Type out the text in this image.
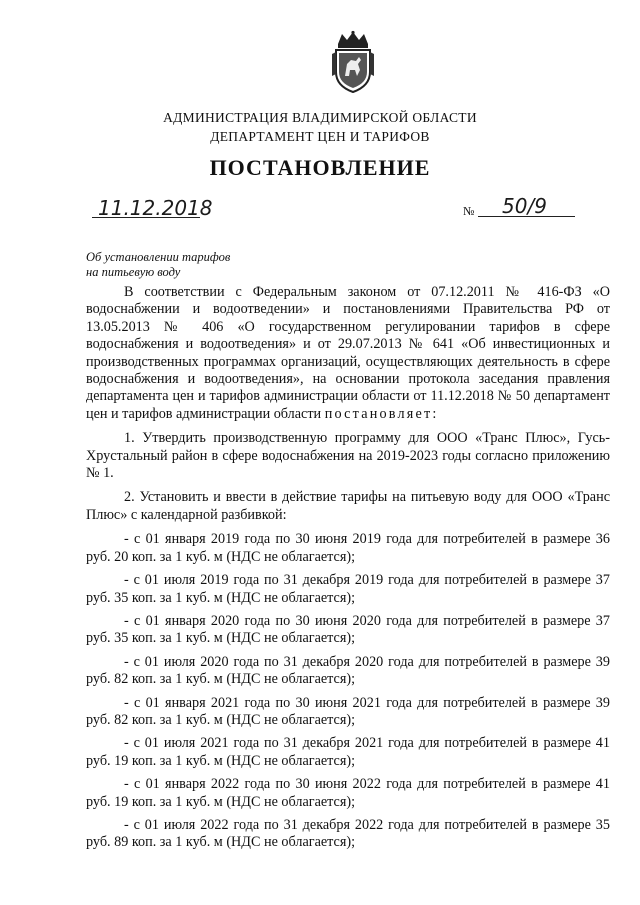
АДМИНИСТРАЦИЯ ВЛАДИМИРСКОЙ ОБЛАСТИ
ДЕПАРТАМЕНТ ЦЕН И ТАРИФОВ
ПОСТАНОВЛЕНИЕ
11.12.2018	№ 50/9
Об установлении тарифов
на питьевую воду

В соответствии с Федеральным законом от 07.12.2011 № 416-ФЗ «О водоснабжении и водоотведении» и постановлениями Правительства РФ от 13.05.2013 № 406 «О государственном регулировании тарифов в сфере водоснабжения и водоотведения» и от 29.07.2013 № 641 «Об инвестиционных и производственных программах организаций, осуществляющих деятельность в сфере водоснабжения и водоотведения», на основании протокола заседания правления департамента цен и тарифов администрации области от 11.12.2018 № 50 департамент цен и тарифов администрации области постановляет:

1. Утвердить производственную программу для ООО «Транс Плюс», Гусь-Хрустальный район в сфере водоснабжения на 2019-2023 годы согласно приложению № 1.

2. Установить и ввести в действие тарифы на питьевую воду для ООО «Транс Плюс» с календарной разбивкой:

- с 01 января 2019 года по 30 июня 2019 года для потребителей в размере 36 руб. 20 коп. за 1 куб. м (НДС не облагается);

- с 01 июля 2019 года по 31 декабря 2019 года для потребителей в размере 37 руб. 35 коп. за 1 куб. м (НДС не облагается);

- с 01 января 2020 года по 30 июня 2020 года для потребителей в размере 37 руб. 35 коп. за 1 куб. м (НДС не облагается);

- с 01 июля 2020 года по 31 декабря 2020 года для потребителей в размере 39 руб. 82 коп. за 1 куб. м (НДС не облагается);

- с 01 января 2021 года по 30 июня 2021 года для потребителей в размере 39 руб. 82 коп. за 1 куб. м (НДС не облагается);

- с 01 июля 2021 года по 31 декабря 2021 года для потребителей в размере 41 руб. 19 коп. за 1 куб. м (НДС не облагается);

- с 01 января 2022 года по 30 июня 2022 года для потребителей в размере 41 руб. 19 коп. за 1 куб. м (НДС не облагается);

- с 01 июля 2022 года по 31 декабря 2022 года для потребителей в размере 35 руб. 89 коп. за 1 куб. м (НДС не облагается);
